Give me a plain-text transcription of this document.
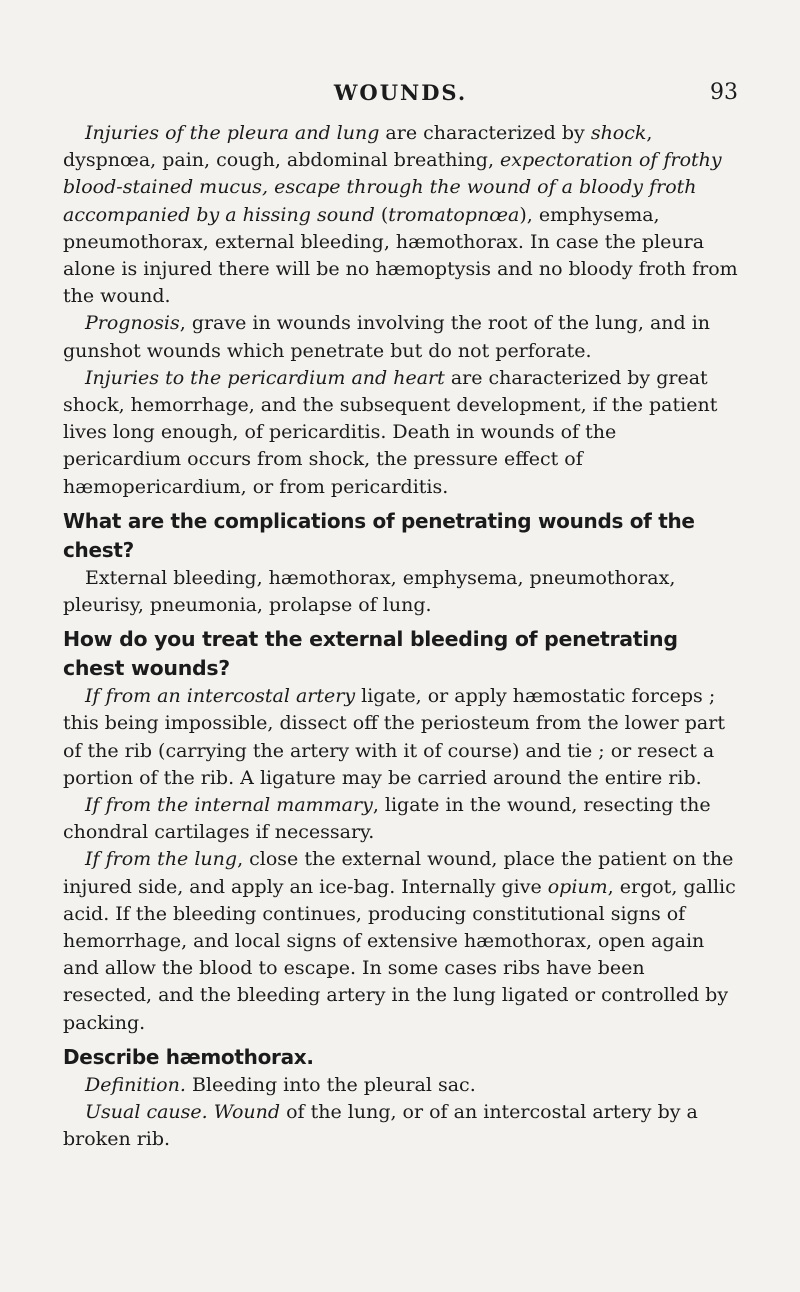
WOUNDS.	93

Injuries of the pleura and lung are characterized by shock, dyspnœa, pain, cough, abdominal breathing, expectoration of frothy blood-stained mucus, escape through the wound of a bloody froth accompanied by a hissing sound (tromatopnœa), emphysema, pneumothorax, external bleeding, hæmothorax. In case the pleura alone is injured there will be no hæmoptysis and no bloody froth from the wound.

Prognosis, grave in wounds involving the root of the lung, and in gunshot wounds which penetrate but do not perforate.

Injuries to the pericardium and heart are characterized by great shock, hemorrhage, and the subsequent development, if the patient lives long enough, of pericarditis. Death in wounds of the pericardium occurs from shock, the pressure effect of hæmopericardium, or from pericarditis.

What are the complications of penetrating wounds of the chest?

External bleeding, hæmothorax, emphysema, pneumothorax, pleurisy, pneumonia, prolapse of lung.

How do you treat the external bleeding of penetrating chest wounds?

If from an intercostal artery ligate, or apply hæmostatic forceps ; this being impossible, dissect off the periosteum from the lower part of the rib (carrying the artery with it of course) and tie ; or resect a portion of the rib. A ligature may be carried around the entire rib.

If from the internal mammary, ligate in the wound, resecting the chondral cartilages if necessary.

If from the lung, close the external wound, place the patient on the injured side, and apply an ice-bag. Internally give opium, ergot, gallic acid. If the bleeding continues, producing constitutional signs of hemorrhage, and local signs of extensive hæmothorax, open again and allow the blood to escape. In some cases ribs have been resected, and the bleeding artery in the lung ligated or controlled by packing.

Describe hæmothorax.

Definition. Bleeding into the pleural sac.

Usual cause. Wound of the lung, or of an intercostal artery by a broken rib.
